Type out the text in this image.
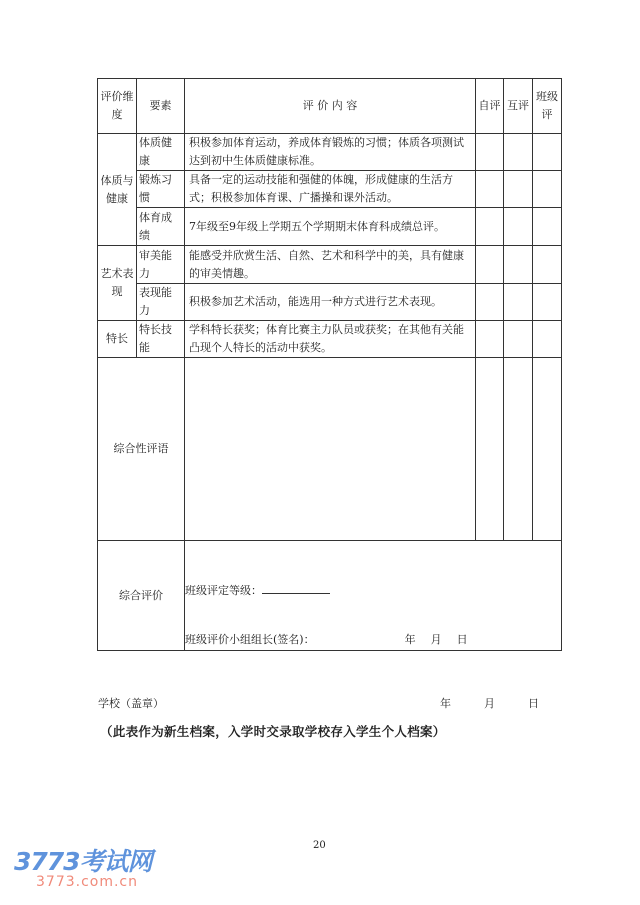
评价维度	要素	评 价 内 容	自评	互评	班级评
体质与健康	体质健康	积极参加体育运动，养成体育锻炼的习惯；体质各项测试达到初中生体质健康标准。			
	锻炼习惯	具备一定的运动技能和强健的体魄，形成健康的生活方式；积极参加体育课、广播操和课外活动。			
	体育成绩	7年级至9年级上学期五个学期期末体育科成绩总评。			
艺术表现	审美能力	能感受并欣赏生活、自然、艺术和科学中的美，具有健康的审美情趣。			
	表现能力	积极参加艺术活动，能选用一种方式进行艺术表现。			
特长	特长技能	学科特长获奖；体育比赛主力队员或获奖；在其他有关能凸现个人特长的活动中获奖。			
综合性评语					
综合评价		班级评定等级：
班级评价小组组长(签名)： 年　月　日			
学校（盖章）	年　　　月　　　日
（此表作为新生档案，入学时交录取学校存入学生个人档案）
20
3773考试网
3773.com.cn
